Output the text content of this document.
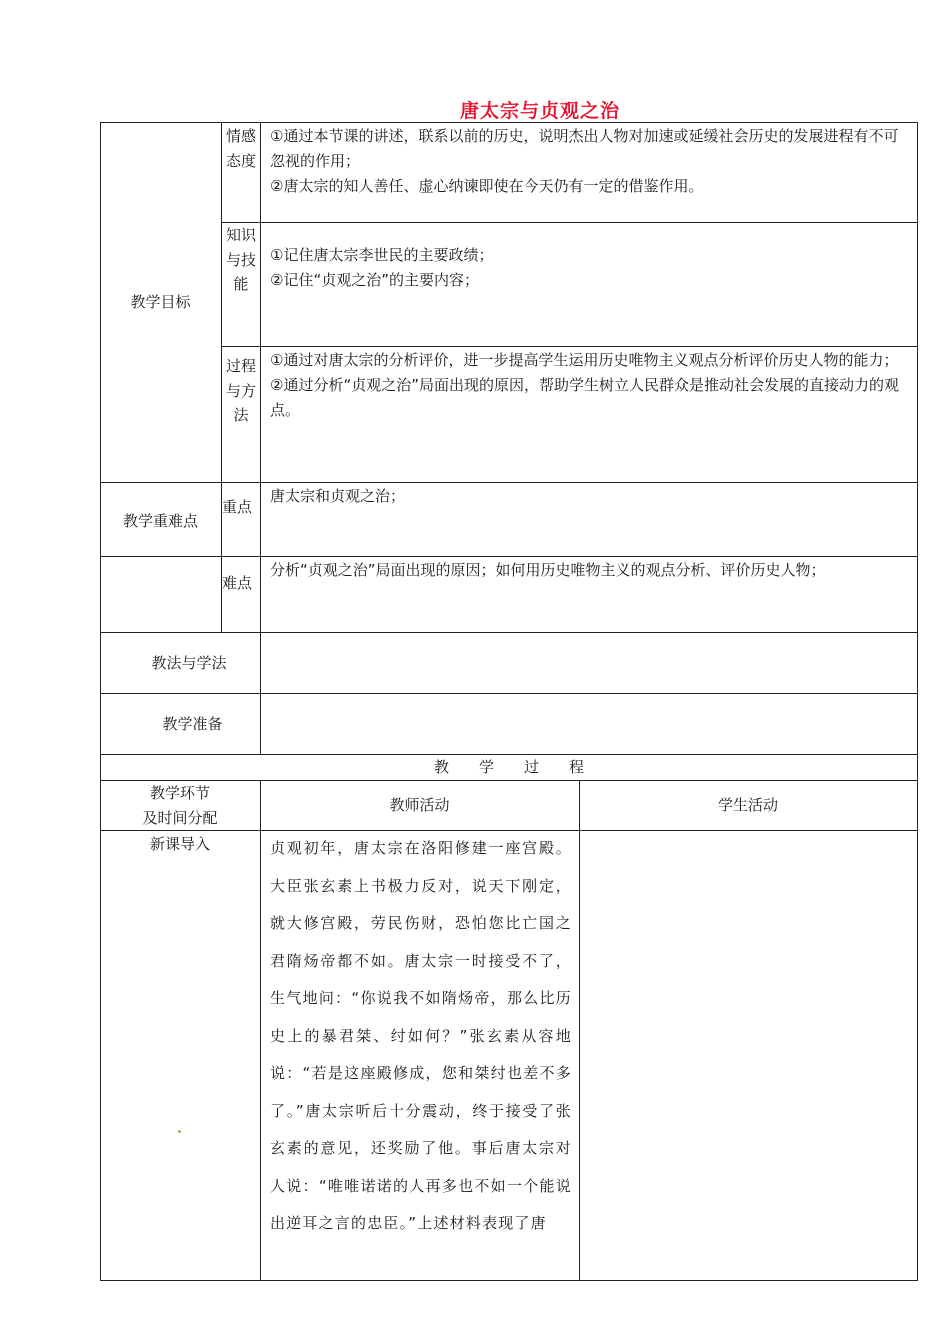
唐太宗与贞观之治
教学目标
情感态度
①通过本节课的讲述，联系以前的历史，说明杰出人物对加速或延缓社会历史的发展进程有不可忽视的作用；
②唐太宗的知人善任、虚心纳谏即使在今天仍有一定的借鉴作用。
知识与技能
①记住唐太宗李世民的主要政绩；
②记住“贞观之治”的主要内容；
过程与方法
①通过对唐太宗的分析评价，进一步提高学生运用历史唯物主义观点分析评价历史人物的能力；
②通过分析“贞观之治”局面出现的原因，帮助学生树立人民群众是推动社会发展的直接动力的观点。
教学重难点
重点
唐太宗和贞观之治；
难点
分析“贞观之治”局面出现的原因；如何用历史唯物主义的观点分析、评价历史人物；
教法与学法
教学准备
教　　学　　过　　程
教学环节
及时间分配
教师活动	学生活动
新课导入	贞观初年，唐太宗在洛阳修建一座宫殿。大臣张玄素上书极力反对，说天下刚定，就大修宫殿，劳民伤财，恐怕您比亡国之君隋炀帝都不如。唐太宗一时接受不了，生气地问：“你说我不如隋炀帝，那么比历史上的暴君桀、纣如何？”张玄素从容地说：“若是这座殿修成，您和桀纣也差不多了。”唐太宗听后十分震动，终于接受了张玄素的意见，还奖励了他。事后唐太宗对人说：“唯唯诺诺的人再多也不如一个能说出逆耳之言的忠臣。”上述材料表现了唐
